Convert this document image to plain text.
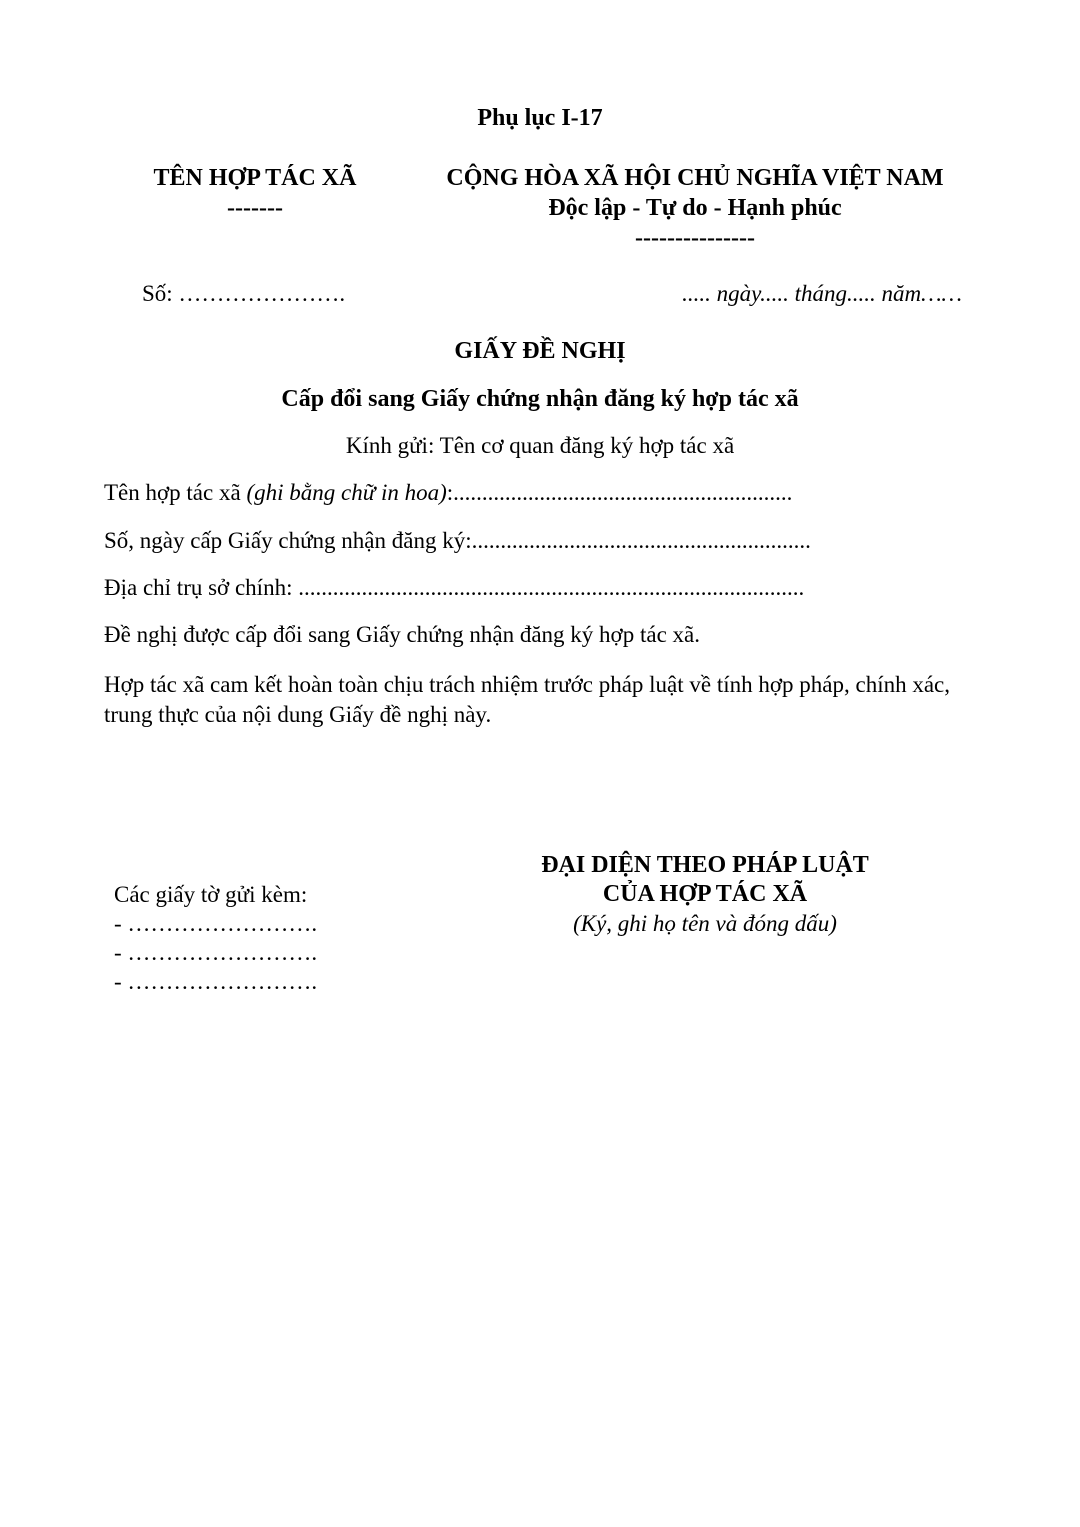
Phụ lục I-17
TÊN HỢP TÁC XÃ
-------
CỘNG HÒA XÃ HỘI CHỦ NGHĨA VIỆT NAM
Độc lập - Tự do - Hạnh phúc
---------------
Số: ………………….	..... ngày..... tháng..... năm……
GIẤY ĐỀ NGHỊ
Cấp đổi sang Giấy chứng nhận đăng ký hợp tác xã
Kính gửi: Tên cơ quan đăng ký hợp tác xã
Tên hợp tác xã (ghi bằng chữ in hoa):...........................................................
Số, ngày cấp Giấy chứng nhận đăng ký:...........................................................
Địa chỉ trụ sở chính: ........................................................................................
Đề nghị được cấp đổi sang Giấy chứng nhận đăng ký hợp tác xã.
Hợp tác xã cam kết hoàn toàn chịu trách nhiệm trước pháp luật về tính hợp pháp, chính xác, trung thực của nội dung Giấy đề nghị này.
Các giấy tờ gửi kèm:
- …………………….
- …………………….
- …………………….
ĐẠI DIỆN THEO PHÁP LUẬT
CỦA HỢP TÁC XÃ
(Ký, ghi họ tên và đóng dấu)
